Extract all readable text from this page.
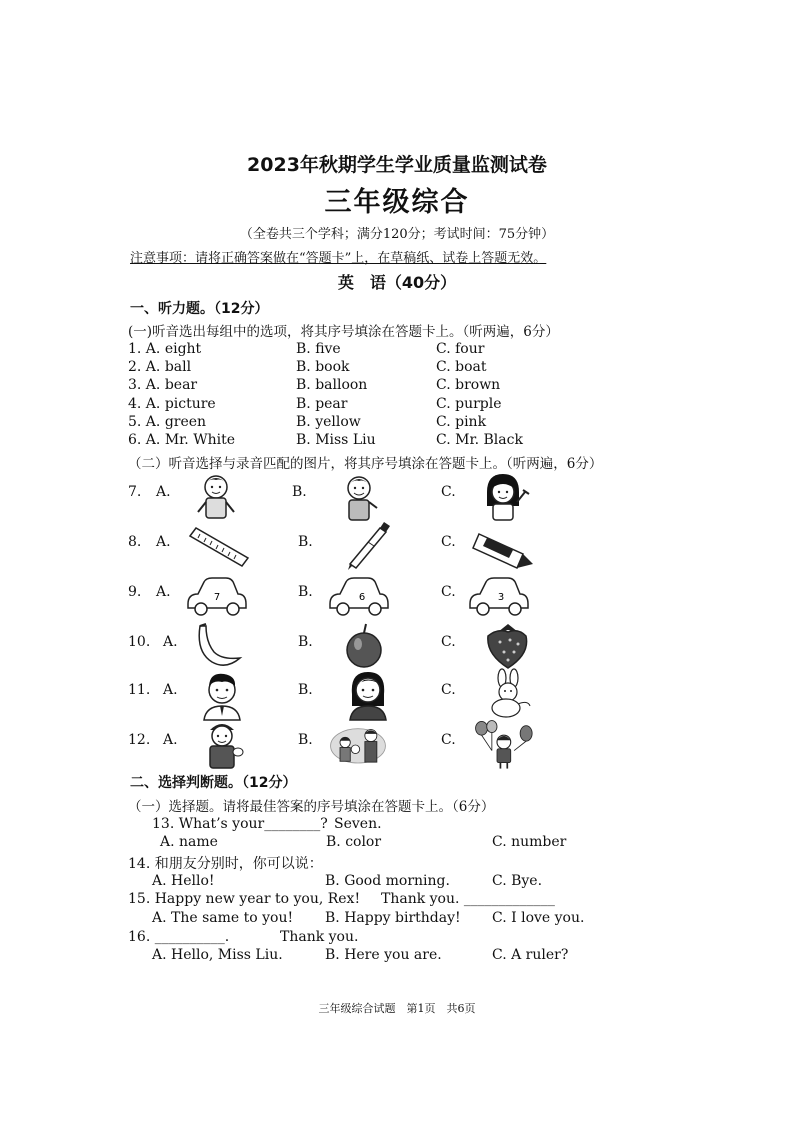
2023年秋期学生学业质量监测试卷
三年级综合
（全卷共三个学科；满分120分；考试时间：75分钟）
注意事项：请将正确答案做在“答题卡”上，在草稿纸、试卷上答题无效。
英　语（40分）
一、听力题。（12分）
(一)听音选出每组中的选项，将其序号填涂在答题卡上。（听两遍，6分）
1. A. eight	B. five	C. four
2. A. ball	B. book	C. boat
3. A. bear	B. balloon	C. brown
4. A. picture	B. pear	C. purple
5. A. green	B. yellow	C. pink
6. A. Mr. White	B. Miss Liu	C. Mr. Black
（二）听音选择与录音匹配的图片，将其序号填涂在答题卡上。（听两遍，6分）
7. A.	B.	C.
8. A.	B.	C.
9. A.	7	B.	6	C.	3
10. A.	B.	C.
11. A.	B.	C.
12. A.	B.	C.
二、选择判断题。（12分）
（一）选择题。请将最佳答案的序号填涂在答题卡上。（6分）
13. What’s your________? Seven.
A. name	B. color	C. number
14. 和朋友分别时，你可以说：
A. Hello!	B. Good morning.	C. Bye.
15. Happy new year to you, Rex! Thank you. _____________
A. The same to you! B. Happy birthday! C. I love you.
16. __________.	Thank you.
A. Hello, Miss Liu.	B. Here you are.	C. A ruler?
三年级综合试题　第1页　共6页
